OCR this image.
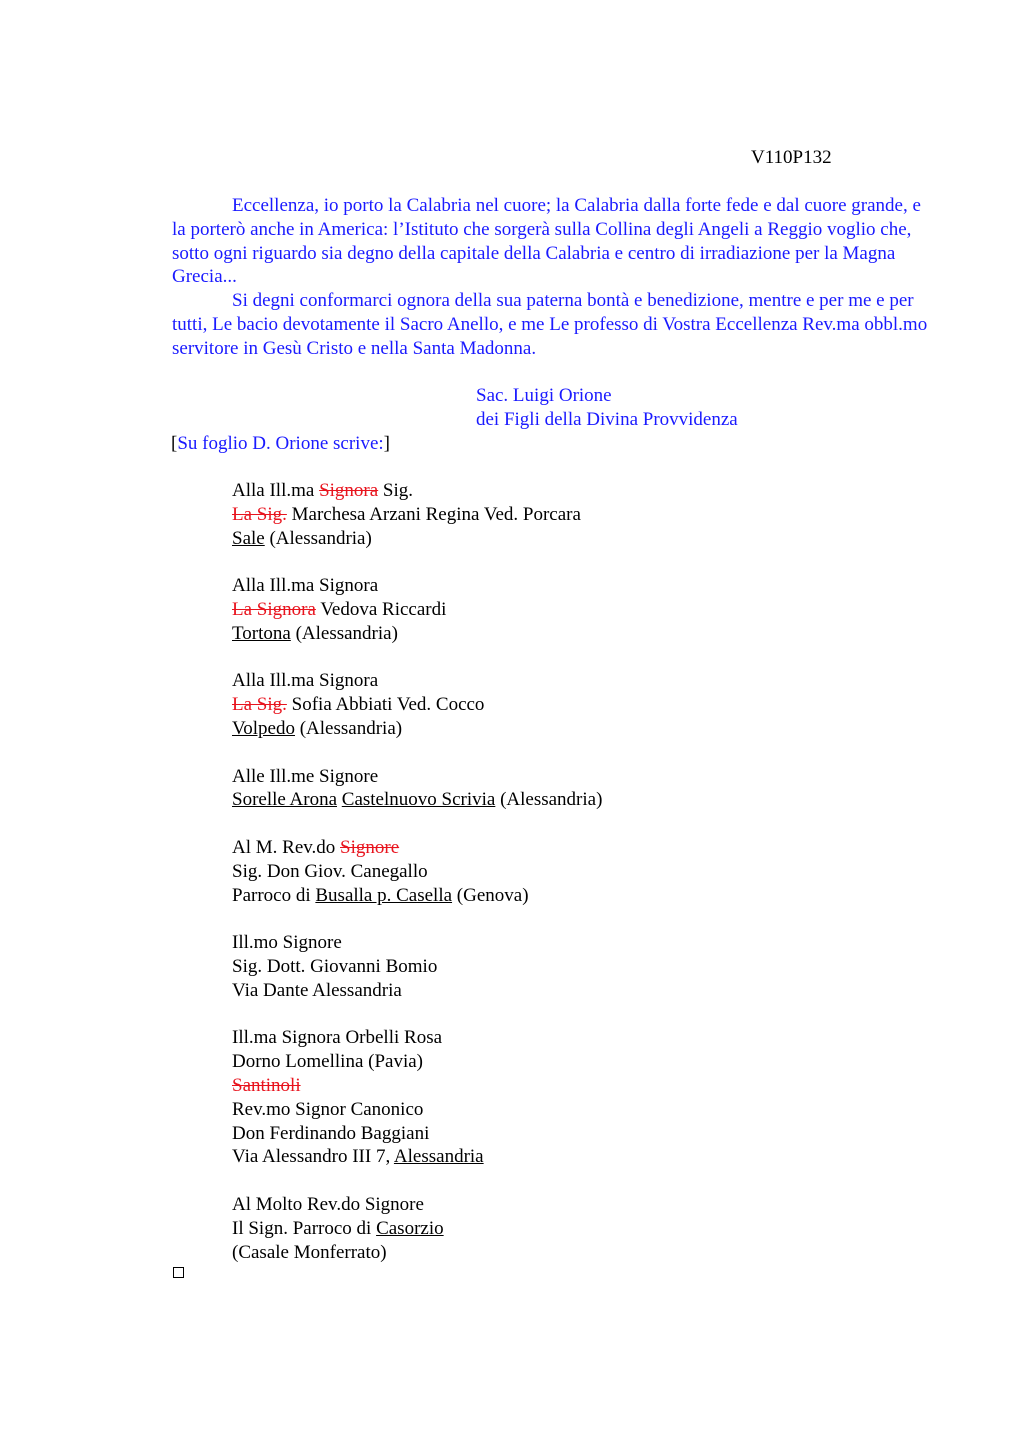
V110P132

Eccellenza, io porto la Calabria nel cuore; la Calabria dalla forte fede e dal cuore grande, e la porterò anche in America: l’Istituto che sorgerà sulla Collina degli Angeli a Reggio voglio che, sotto ogni riguardo sia degno della capitale della Calabria e centro di irradiazione per la Magna Grecia...

Si degni conformarci ognora della sua paterna bontà e benedizione, mentre e per me e per tutti, Le bacio devotamente il Sacro Anello, e me Le professo di Vostra Eccellenza Rev.ma obbl.mo servitore in Gesù Cristo e nella Santa Madonna.

Sac. Luigi Orione
dei Figli della Divina Provvidenza
[Su foglio D. Orione scrive:]
Alla Ill.ma Signora Sig.
La Sig. Marchesa Arzani Regina Ved. Porcara
Sale (Alessandria)
Alla Ill.ma Signora
La Signora Vedova Riccardi
Tortona (Alessandria)
Alla Ill.ma Signora
La Sig. Sofia Abbiati Ved. Cocco
Volpedo (Alessandria)
Alle Ill.me Signore
Sorelle Arona Castelnuovo Scrivia (Alessandria)
Al M. Rev.do Signore
Sig. Don Giov. Canegallo
Parroco di Busalla p. Casella (Genova)
Ill.mo Signore
Sig. Dott. Giovanni Bomio
Via Dante Alessandria
Ill.ma Signora Orbelli Rosa
Dorno Lomellina (Pavia)
Santinoli
Rev.mo Signor Canonico
Don Ferdinando Baggiani
Via Alessandro III 7, Alessandria
Al Molto Rev.do Signore
Il Sign. Parroco di Casorzio
(Casale Monferrato)
